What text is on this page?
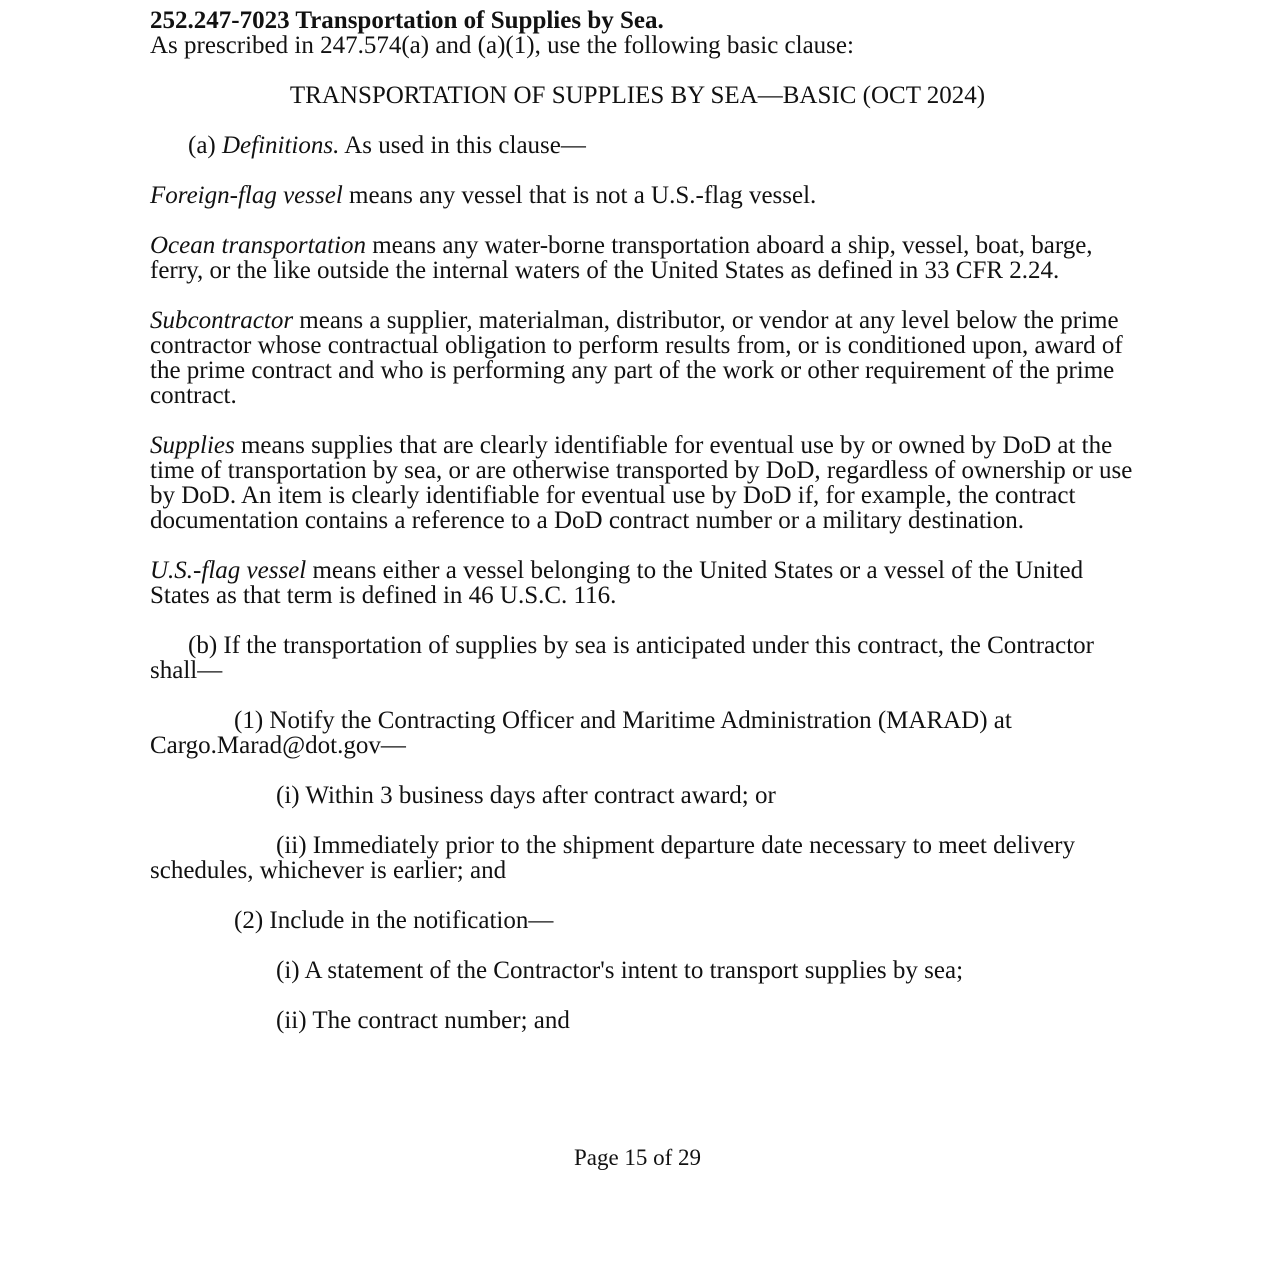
252.247-7023 Transportation of Supplies by Sea.

As prescribed in 247.574(a) and (a)(1), use the following basic clause:

TRANSPORTATION OF SUPPLIES BY SEA—BASIC (OCT 2024)

(a) Definitions. As used in this clause—

Foreign-flag vessel means any vessel that is not a U.S.-flag vessel.

Ocean transportation means any water-borne transportation aboard a ship, vessel, boat, barge, ferry, or the like outside the internal waters of the United States as defined in 33 CFR 2.24.

Subcontractor means a supplier, materialman, distributor, or vendor at any level below the prime contractor whose contractual obligation to perform results from, or is conditioned upon, award of the prime contract and who is performing any part of the work or other requirement of the prime contract.

Supplies means supplies that are clearly identifiable for eventual use by or owned by DoD at the time of transportation by sea, or are otherwise transported by DoD, regardless of ownership or use by DoD. An item is clearly identifiable for eventual use by DoD if, for example, the contract documentation contains a reference to a DoD contract number or a military destination.

U.S.-flag vessel means either a vessel belonging to the United States or a vessel of the United States as that term is defined in 46 U.S.C. 116.

(b) If the transportation of supplies by sea is anticipated under this contract, the Contractor shall—

(1) Notify the Contracting Officer and Maritime Administration (MARAD) at Cargo.Marad@dot.gov—

(i) Within 3 business days after contract award; or

(ii) Immediately prior to the shipment departure date necessary to meet delivery schedules, whichever is earlier; and

(2) Include in the notification—

(i) A statement of the Contractor's intent to transport supplies by sea;

(ii) The contract number; and

Page 15 of 29
